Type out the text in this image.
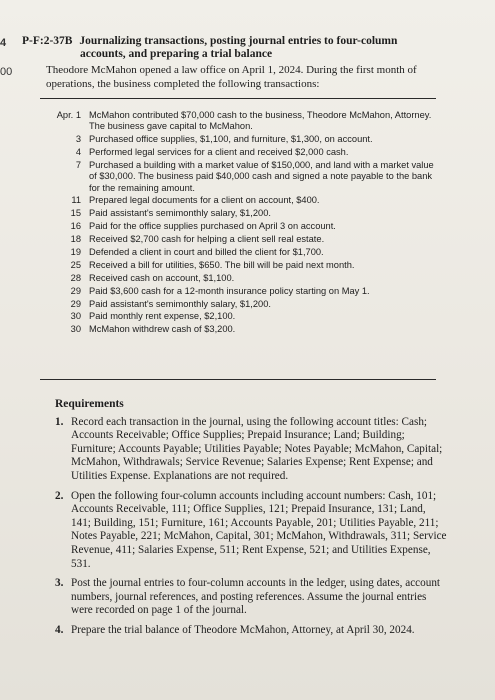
4
00
P-F:2-37B Journalizing transactions, posting journal entries to four-column
accounts, and preparing a trial balance
Theodore McMahon opened a law office on April 1, 2024. During the first month of operations, the business completed the following transactions:
Apr. 1 McMahon contributed $70,000 cash to the business, Theodore McMahon, Attorney. The business gave capital to McMahon.
3 Purchased office supplies, $1,100, and furniture, $1,300, on account.
4 Performed legal services for a client and received $2,000 cash.
7 Purchased a building with a market value of $150,000, and land with a market value of $30,000. The business paid $40,000 cash and signed a note payable to the bank for the remaining amount.
11 Prepared legal documents for a client on account, $400.
15 Paid assistant's semimonthly salary, $1,200.
16 Paid for the office supplies purchased on April 3 on account.
18 Received $2,700 cash for helping a client sell real estate.
19 Defended a client in court and billed the client for $1,700.
25 Received a bill for utilities, $650. The bill will be paid next month.
28 Received cash on account, $1,100.
29 Paid $3,600 cash for a 12-month insurance policy starting on May 1.
29 Paid assistant's semimonthly salary, $1,200.
30 Paid monthly rent expense, $2,100.
30 McMahon withdrew cash of $3,200.
Requirements
1. Record each transaction in the journal, using the following account titles: Cash; Accounts Receivable; Office Supplies; Prepaid Insurance; Land; Building; Furniture; Accounts Payable; Utilities Payable; Notes Payable; McMahon, Capital; McMahon, Withdrawals; Service Revenue; Salaries Expense; Rent Expense; and Utilities Expense. Explanations are not required.
2. Open the following four-column accounts including account numbers: Cash, 101; Accounts Receivable, 111; Office Supplies, 121; Prepaid Insurance, 131; Land, 141; Building, 151; Furniture, 161; Accounts Payable, 201; Utilities Payable, 211; Notes Payable, 221; McMahon, Capital, 301; McMahon, Withdrawals, 311; Service Revenue, 411; Salaries Expense, 511; Rent Expense, 521; and Utilities Expense, 531.
3. Post the journal entries to four-column accounts in the ledger, using dates, account numbers, journal references, and posting references. Assume the journal entries were recorded on page 1 of the journal.
4. Prepare the trial balance of Theodore McMahon, Attorney, at April 30, 2024.
